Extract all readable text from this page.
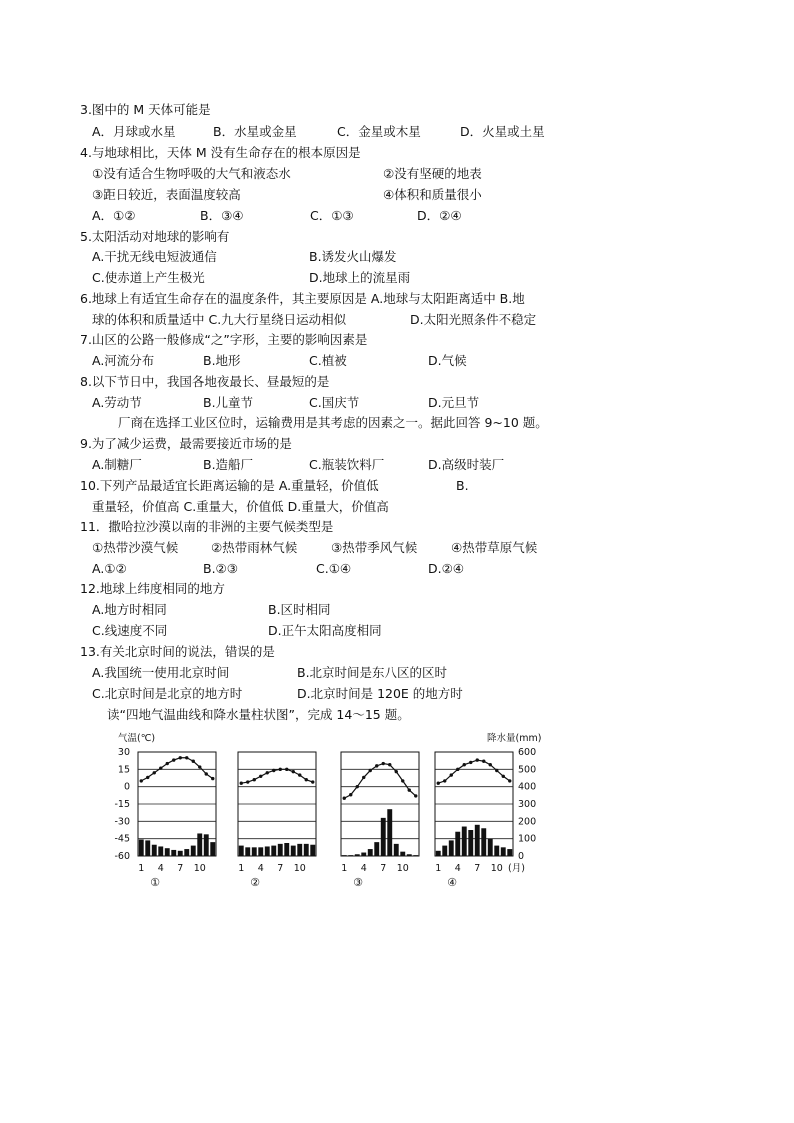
3.图中的 M 天体可能是
A．月球或水星	B．水星或金星	C．金星或木星	D．火星或土星
4.与地球相比，天体 M 没有生命存在的根本原因是
①没有适合生物呼吸的大气和液态水	②没有坚硬的地表
③距日较近，表面温度较高	④体积和质量很小
A．①②	B．③④	C．①③	D．②④
5.太阳活动对地球的影响有
A.干扰无线电短波通信	B.诱发火山爆发
C.使赤道上产生极光	D.地球上的流星雨
6.地球上有适宜生命存在的温度条件，其主要原因是 A.地球与太阳距离适中 B.地
球的体积和质量适中 C.九大行星绕日运动相似	D.太阳光照条件不稳定
7.山区的公路一般修成“之”字形，主要的影响因素是
A.河流分布	B.地形	C.植被	D.气候
8.以下节日中，我国各地夜最长、昼最短的是
A.劳动节	B.儿童节	C.国庆节	D.元旦节
厂商在选择工业区位时，运输费用是其考虑的因素之一。据此回答 9~10 题。
9.为了减少运费，最需要接近市场的是
A.制糖厂	B.造船厂	C.瓶装饮料厂	D.高级时装厂
10.下列产品最适宜长距离运输的是 A.重量轻，价值低	B.
重量轻，价值高 C.重量大，价值低 D.重量大，价值高
11．撒哈拉沙漠以南的非洲的主要气候类型是
①热带沙漠气候	②热带雨林气候	③热带季风气候	④热带草原气候
A.①②	B.②③	C.①④	D.②④
12.地球上纬度相同的地方
A.地方时相同	B.区时相同
C.线速度不同	D.正午太阳高度相同
13.有关北京时间的说法，错误的是
A.我国统一使用北京时间	B.北京时间是东八区的区时
C.北京时间是北京的地方时	D.北京时间是 120E 的地方时
读“四地气温曲线和降水量柱状图”，完成 14～15 题。
气温(℃)	降水量(mm)
(月)
30
15
0
-15
-30
-45
-60
600
500
400
300
200
100
0
1 4 7 10
①
1 4 7 10
②
1 4 7 10
③
1 4 7 10
④
